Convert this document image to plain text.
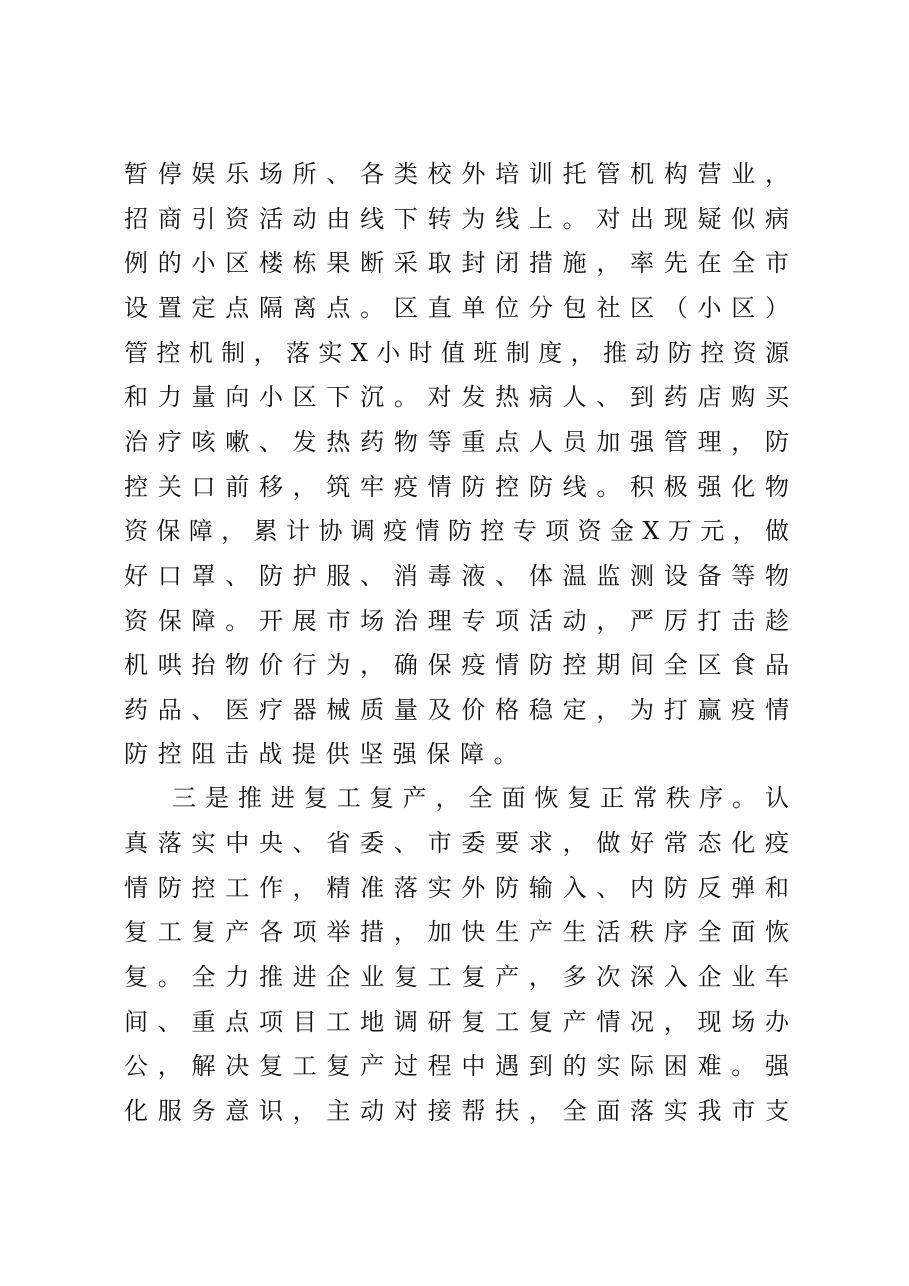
暂停娱乐场所、各类校外培训托管机构营业，
招商引资活动由线下转为线上。对出现疑似病
例的小区楼栋果断采取封闭措施，率先在全市
设置定点隔离点。区直单位分包社区（小区）
管控机制，落实X小时值班制度，推动防控资源
和力量向小区下沉。对发热病人、到药店购买
治疗咳嗽、发热药物等重点人员加强管理，防
控关口前移，筑牢疫情防控防线。积极强化物
资保障，累计协调疫情防控专项资金X万元，做
好口罩、防护服、消毒液、体温监测设备等物
资保障。开展市场治理专项活动，严厉打击趁
机哄抬物价行为，确保疫情防控期间全区食品
药品、医疗器械质量及价格稳定，为打赢疫情
防控阻击战提供坚强保障。
三是推进复工复产，全面恢复正常秩序。认
真落实中央、省委、市委要求，做好常态化疫
情防控工作，精准落实外防输入、内防反弹和
复工复产各项举措，加快生产生活秩序全面恢
复。全力推进企业复工复产，多次深入企业车
间、重点项目工地调研复工复产情况，现场办
公，解决复工复产过程中遇到的实际困难。强
化服务意识，主动对接帮扶，全面落实我市支
